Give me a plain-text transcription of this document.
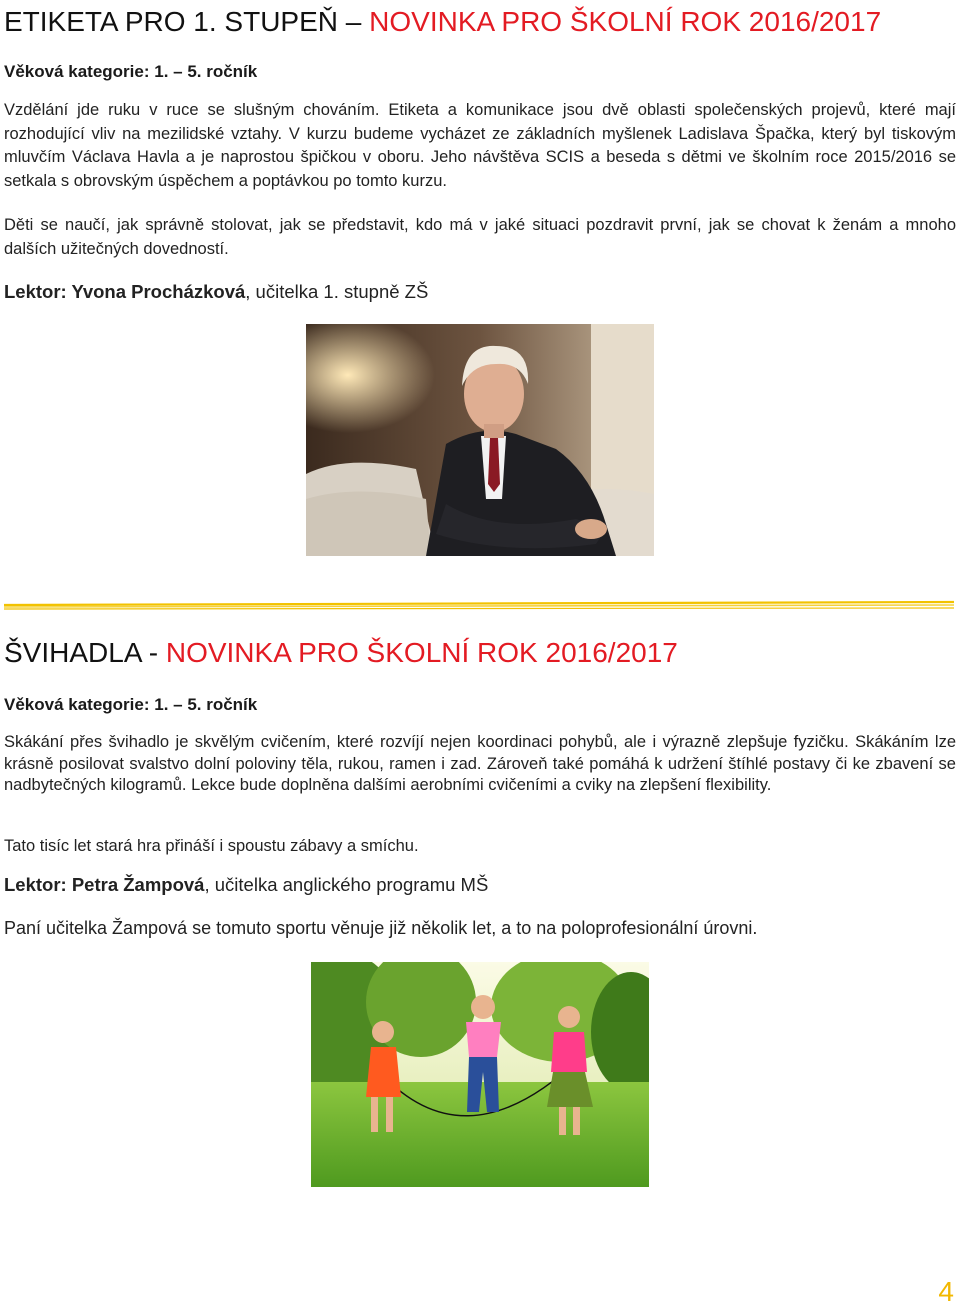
ETIKETA PRO 1. STUPEŇ – NOVINKA PRO ŠKOLNÍ ROK 2016/2017

Věková kategorie: 1. – 5. ročník

Vzdělání jde ruku v ruce se slušným chováním. Etiketa a komunikace jsou dvě oblasti společenských projevů, které mají rozhodující vliv na mezilidské vztahy. V kurzu budeme vycházet ze základních myšlenek Ladislava Špačka, který byl tiskovým mluvčím Václava Havla a je naprostou špičkou v oboru. Jeho návštěva SCIS a beseda s dětmi ve školním roce 2015/2016 se setkala s obrovským úspěchem a poptávkou po tomto kurzu.

Děti se naučí, jak správně stolovat, jak se představit, kdo má v jaké situaci pozdravit první, jak se chovat k ženám a mnoho dalších užitečných dovedností.

Lektor: Yvona Procházková, učitelka 1. stupně ZŠ

ŠVIHADLA - NOVINKA PRO ŠKOLNÍ ROK 2016/2017

Věková kategorie: 1. – 5. ročník

Skákání přes švihadlo je skvělým cvičením, které rozvíjí nejen koordinaci pohybů, ale i výrazně zlepšuje fyzičku. Skákáním lze krásně posilovat svalstvo dolní poloviny těla, rukou, ramen i zad. Zároveň také pomáhá k udržení štíhlé postavy či ke zbavení se nadbytečných kilogramů. Lekce bude doplněna dalšími aerobními cvičeními a cviky na zlepšení flexibility.

Tato tisíc let stará hra přináší i spoustu zábavy a smíchu.

Lektor: Petra Žampová, učitelka anglického programu MŠ

Paní učitelka Žampová se tomuto sportu věnuje již několik let, a to na poloprofesionální úrovni.

4
